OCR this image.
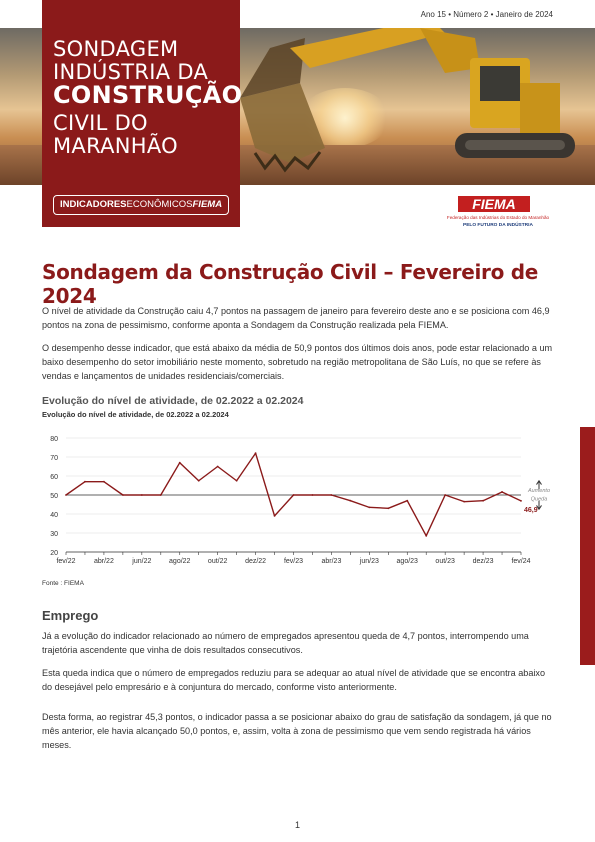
Ano 15 • Número 2 • Janeiro de 2024
SONDAGEM
INDÚSTRIA DA
CONSTRUÇÃO
CIVIL DO
MARANHÃO
INDICADORESECONÔMICOSFIEMA	FIEMA
Federação das Indústrias do Estado do Maranhão
PELO FUTURO DA INDÚSTRIA
Sondagem da Construção Civil – Fevereiro de 2024
O nível de atividade da Construção caiu 4,7 pontos na passagem de janeiro para fevereiro deste ano e se posiciona com 46,9 pontos na zona de pessimismo, conforme aponta a Sondagem da Construção realizada pela FIEMA.
O desempenho desse indicador, que está abaixo da média de 50,9 pontos dos últimos dois anos, pode estar relacionado a um baixo desempenho do setor imobiliário neste momento, sobretudo na região metropolitana de São Luís, no que se refere às vendas e lançamentos de unidades residenciais/comerciais.
Evolução do nível de atividade, de 02.2022 a 02.2024
Evolução do nível de atividade, de 02.2022 a 02.2024
20
30
40
50
60
70
80
fev/22	abr/22	jun/22	ago/22 out/22	dez/22	fev/23	abr/23	jun/23	ago/23 out/23	dez/23	fev/24
46,9
Aumento
Queda
Fonte : FIEMA
Emprego
Já a evolução do indicador relacionado ao número de empregados apresentou queda de 4,7 pontos, interrompendo uma trajetória ascendente que vinha de dois resultados consecutivos.
Esta queda indica que o número de empregados reduziu para se adequar ao atual nível de atividade que se encontra abaixo do desejável pelo empresário e à conjuntura do mercado, conforme visto anteriormente.
Desta forma, ao registrar 45,3 pontos, o indicador passa a se posicionar abaixo do grau de satisfação da sondagem, já que no mês anterior, ele havia alcançado 50,0 pontos, e, assim, volta à zona de pessimismo que vem sendo registrada há vários meses.
1
